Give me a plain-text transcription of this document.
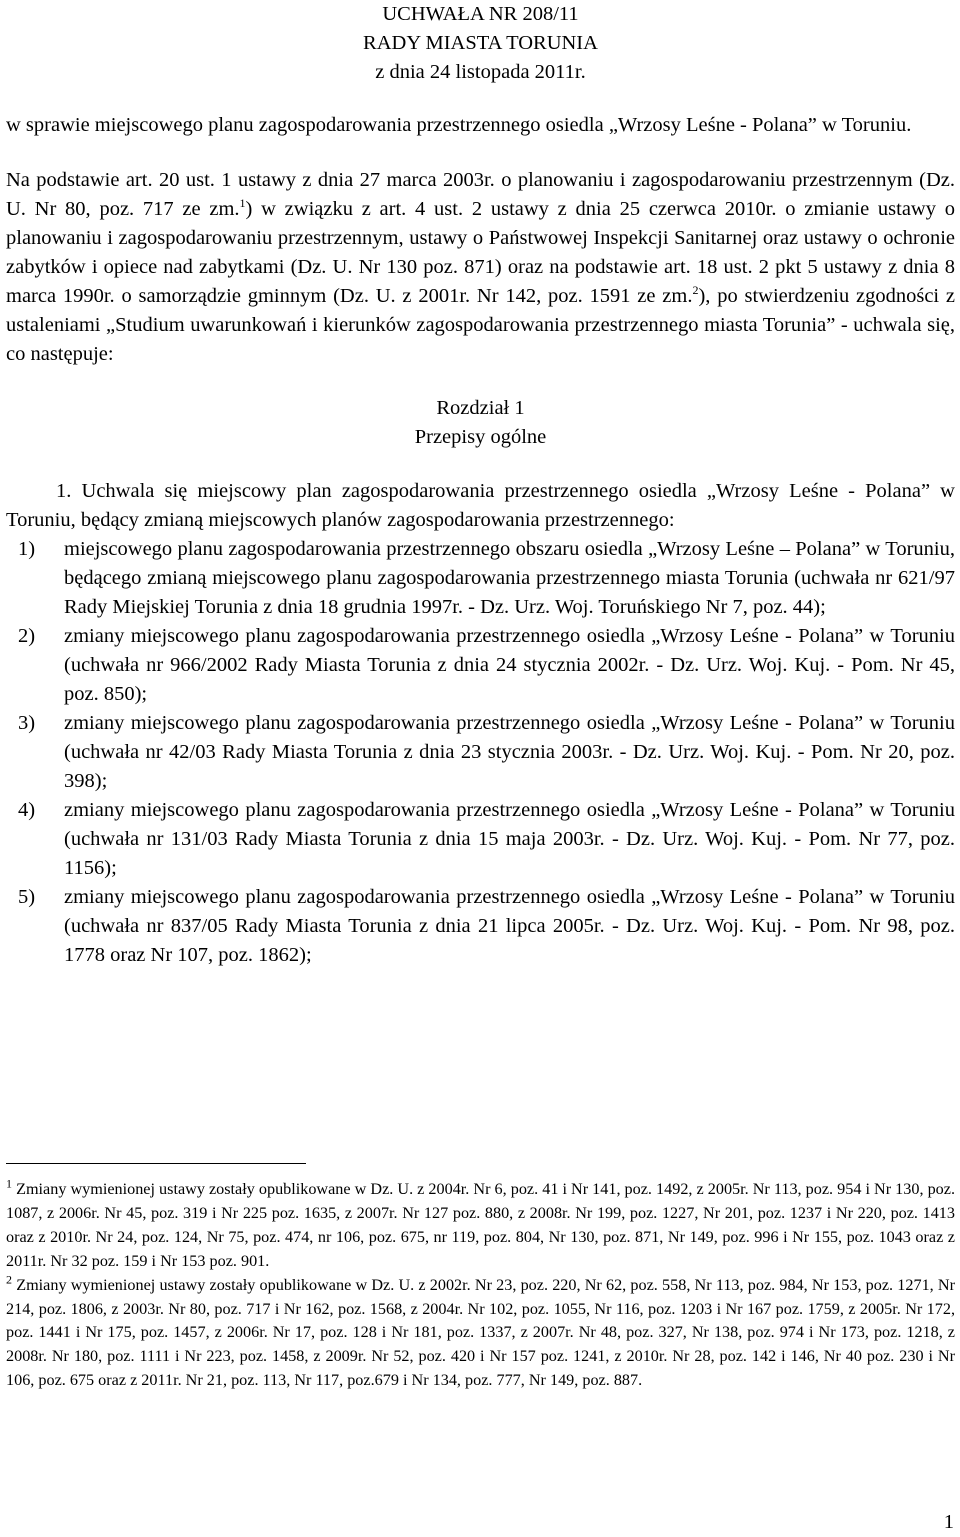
UCHWAŁA NR 208/11
RADY MIASTA TORUNIA
z dnia 24 listopada 2011r.
w sprawie miejscowego planu zagospodarowania przestrzennego osiedla „Wrzosy Leśne - Polana” w Toruniu.
Na podstawie art. 20 ust. 1 ustawy z dnia 27 marca 2003r. o planowaniu i zagospodarowaniu przestrzennym (Dz. U. Nr 80, poz. 717 ze zm.$^1$) w związku z art. 4 ust. 2 ustawy z dnia 25 czerwca 2010r. o zmianie ustawy o planowaniu i zagospodarowaniu przestrzennym, ustawy o Państwowej Inspekcji Sanitarnej oraz ustawy o ochronie zabytków i opiece nad zabytkami (Dz. U. Nr 130 poz. 871) oraz na podstawie art. 18 ust. 2 pkt 5 ustawy z dnia 8 marca 1990r. o samorządzie gminnym (Dz. U. z 2001r. Nr 142, poz. 1591 ze zm.$^2$), po stwierdzeniu zgodności z ustaleniami „Studium uwarunkowań i kierunków zagospodarowania przestrzennego miasta Torunia” - uchwala się, co następuje:
Rozdział 1
Przepisy ogólne
1. Uchwala się miejscowy plan zagospodarowania przestrzennego osiedla „Wrzosy Leśne - Polana” w Toruniu, będący zmianą miejscowych planów zagospodarowania przestrzennego:
1)	miejscowego planu zagospodarowania przestrzennego obszaru osiedla „Wrzosy Leśne – Polana” w Toruniu, będącego zmianą miejscowego planu zagospodarowania przestrzennego miasta Torunia (uchwała nr 621/97 Rady Miejskiej Torunia z dnia 18 grudnia 1997r. - Dz. Urz. Woj. Toruńskiego Nr 7, poz. 44);
2)	zmiany miejscowego planu zagospodarowania przestrzennego osiedla „Wrzosy Leśne - Polana” w Toruniu (uchwała nr 966/2002 Rady Miasta Torunia z dnia 24 stycznia 2002r. - Dz. Urz. Woj. Kuj. - Pom. Nr 45, poz. 850);
3)	zmiany miejscowego planu zagospodarowania przestrzennego osiedla „Wrzosy Leśne - Polana” w Toruniu (uchwała nr 42/03 Rady Miasta Torunia z dnia 23 stycznia 2003r. - Dz. Urz. Woj. Kuj. - Pom. Nr 20, poz. 398);
4)	zmiany miejscowego planu zagospodarowania przestrzennego osiedla „Wrzosy Leśne - Polana” w Toruniu (uchwała nr 131/03 Rady Miasta Torunia z dnia 15 maja 2003r. - Dz. Urz. Woj. Kuj. - Pom. Nr 77, poz. 1156);
5)	zmiany miejscowego planu zagospodarowania przestrzennego osiedla „Wrzosy Leśne - Polana” w Toruniu (uchwała nr 837/05 Rady Miasta Torunia z dnia 21 lipca 2005r. - Dz. Urz. Woj. Kuj. - Pom. Nr 98, poz. 1778 oraz Nr 107, poz. 1862);

$^1$ Zmiany wymienionej ustawy zostały opublikowane w Dz. U. z 2004r. Nr 6, poz. 41 i Nr 141, poz. 1492, z 2005r. Nr 113, poz. 954 i Nr 130, poz. 1087, z 2006r. Nr 45, poz. 319 i Nr 225 poz. 1635, z 2007r. Nr 127 poz. 880, z 2008r. Nr 199, poz. 1227, Nr 201, poz. 1237 i Nr 220, poz. 1413 oraz z 2010r. Nr 24, poz. 124, Nr 75, poz. 474, nr 106, poz. 675, nr 119, poz. 804, Nr 130, poz. 871, Nr 149, poz. 996 i Nr 155, poz. 1043 oraz z 2011r. Nr 32 poz. 159 i Nr 153 poz. 901.

$^2$ Zmiany wymienionej ustawy zostały opublikowane w Dz. U. z 2002r. Nr 23, poz. 220, Nr 62, poz. 558, Nr 113, poz. 984, Nr 153, poz. 1271, Nr 214, poz. 1806, z 2003r. Nr 80, poz. 717 i Nr 162, poz. 1568, z 2004r. Nr 102, poz. 1055, Nr 116, poz. 1203 i Nr 167 poz. 1759, z 2005r. Nr 172, poz. 1441 i Nr 175, poz. 1457, z 2006r. Nr 17, poz. 128 i Nr 181, poz. 1337, z 2007r. Nr 48, poz. 327, Nr 138, poz. 974 i Nr 173, poz. 1218, z 2008r. Nr 180, poz. 1111 i Nr 223, poz. 1458, z 2009r. Nr 52, poz. 420 i Nr 157 poz. 1241, z 2010r. Nr 28, poz. 142 i 146, Nr 40 poz. 230 i Nr 106, poz. 675 oraz z 2011r. Nr 21, poz. 113, Nr 117, poz.679 i Nr 134, poz. 777, Nr 149, poz. 887.

1
